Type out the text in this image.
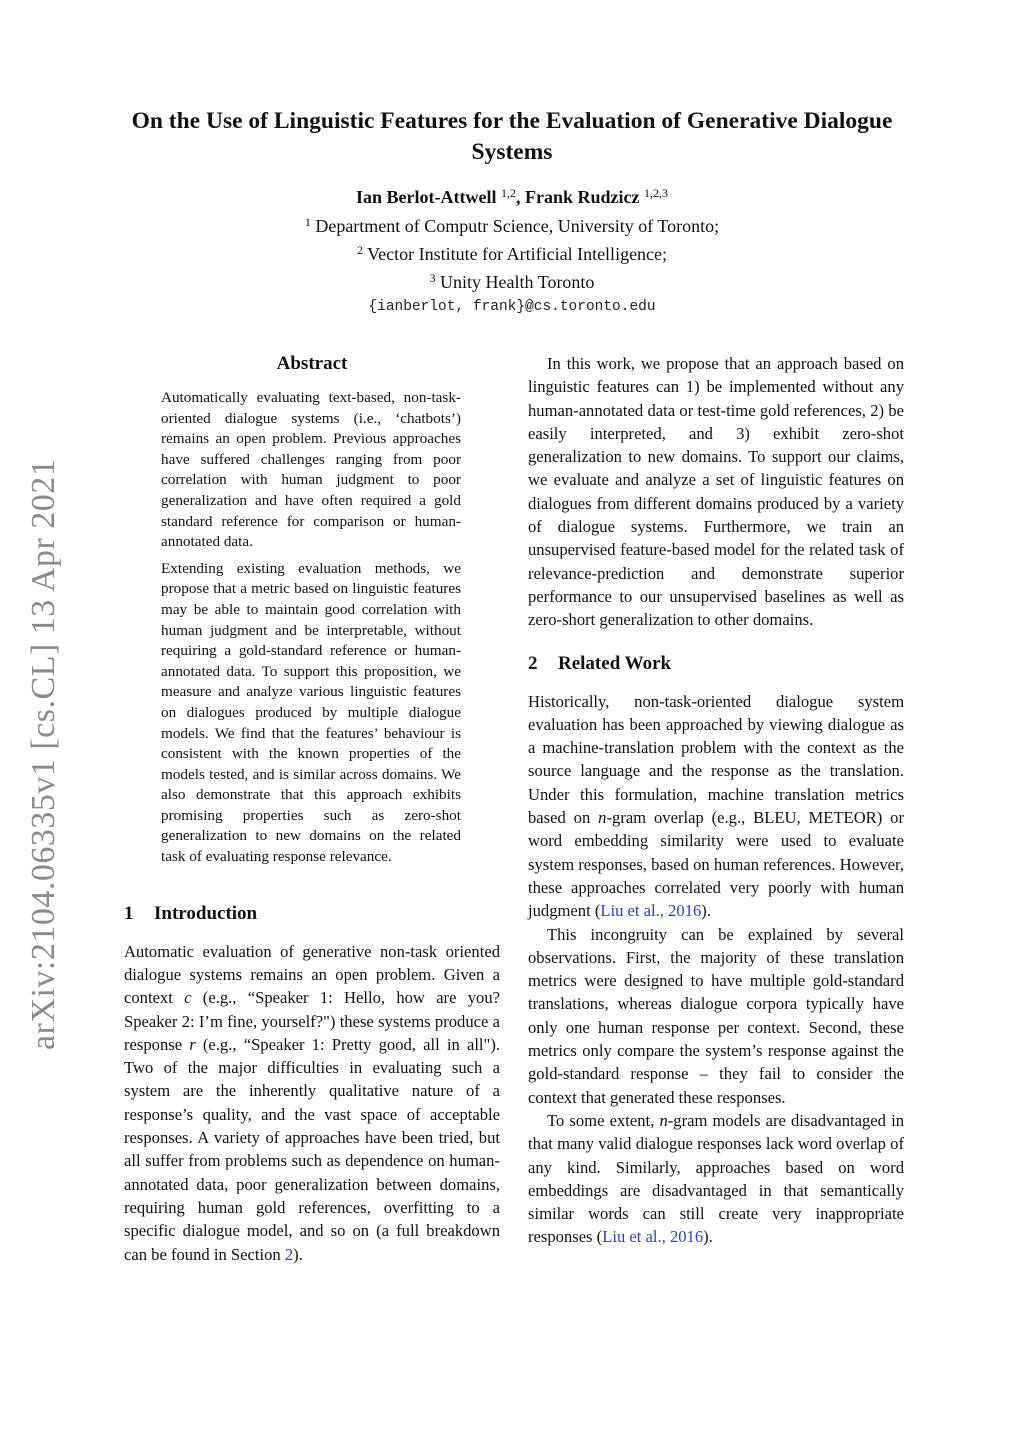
arXiv:2104.06335v1 [cs.CL] 13 Apr 2021
On the Use of Linguistic Features for the Evaluation of Generative Dialogue Systems
Ian Berlot-Attwell $^{1,2}$, Frank Rudzicz $^{1,2,3}$
$^1$ Department of Computr Science, University of Toronto;
$^2$ Vector Institute for Artificial Intelligence;
$^3$ Unity Health Toronto
{ianberlot, frank}@cs.toronto.edu
Abstract

Automatically evaluating text-based, non-task-oriented dialogue systems (i.e., ‘chatbots’) remains an open problem. Previous approaches have suffered challenges ranging from poor correlation with human judgment to poor generalization and have often required a gold standard reference for comparison or human-annotated data.

Extending existing evaluation methods, we propose that a metric based on linguistic features may be able to maintain good correlation with human judgment and be interpretable, without requiring a gold-standard reference or human-annotated data. To support this proposition, we measure and analyze various linguistic features on dialogues produced by multiple dialogue models. We find that the features’ behaviour is consistent with the known properties of the models tested, and is similar across domains. We also demonstrate that this approach exhibits promising properties such as zero-shot generalization to new domains on the related task of evaluating response relevance.

1 Introduction

Automatic evaluation of generative non-task oriented dialogue systems remains an open problem. Given a context c (e.g., “Speaker 1: Hello, how are you? Speaker 2: I’m fine, yourself?") these systems produce a response r (e.g., “Speaker 1: Pretty good, all in all"). Two of the major difficulties in evaluating such a system are the inherently qualitative nature of a response’s quality, and the vast space of acceptable responses. A variety of approaches have been tried, but all suffer from problems such as dependence on human-annotated data, poor generalization between domains, requiring human gold references, overfitting to a specific dialogue model, and so on (a full breakdown can be found in Section 2).

In this work, we propose that an approach based on linguistic features can 1) be implemented without any human-annotated data or test-time gold references, 2) be easily interpreted, and 3) exhibit zero-shot generalization to new domains. To support our claims, we evaluate and analyze a set of linguistic features on dialogues from different domains produced by a variety of dialogue systems. Furthermore, we train an unsupervised feature-based model for the related task of relevance-prediction and demonstrate superior performance to our unsupervised baselines as well as zero-short generalization to other domains.

2 Related Work

Historically, non-task-oriented dialogue system evaluation has been approached by viewing dialogue as a machine-translation problem with the context as the source language and the response as the translation. Under this formulation, machine translation metrics based on n-gram overlap (e.g., BLEU, METEOR) or word embedding similarity were used to evaluate system responses, based on human references. However, these approaches correlated very poorly with human judgment (Liu et al., 2016).

This incongruity can be explained by several observations. First, the majority of these translation metrics were designed to have multiple gold-standard translations, whereas dialogue corpora typically have only one human response per context. Second, these metrics only compare the system’s response against the gold-standard response – they fail to consider the context that generated these responses.

To some extent, n-gram models are disadvantaged in that many valid dialogue responses lack word overlap of any kind. Similarly, approaches based on word embeddings are disadvantaged in that semantically similar words can still create very inappropriate responses (Liu et al., 2016).
